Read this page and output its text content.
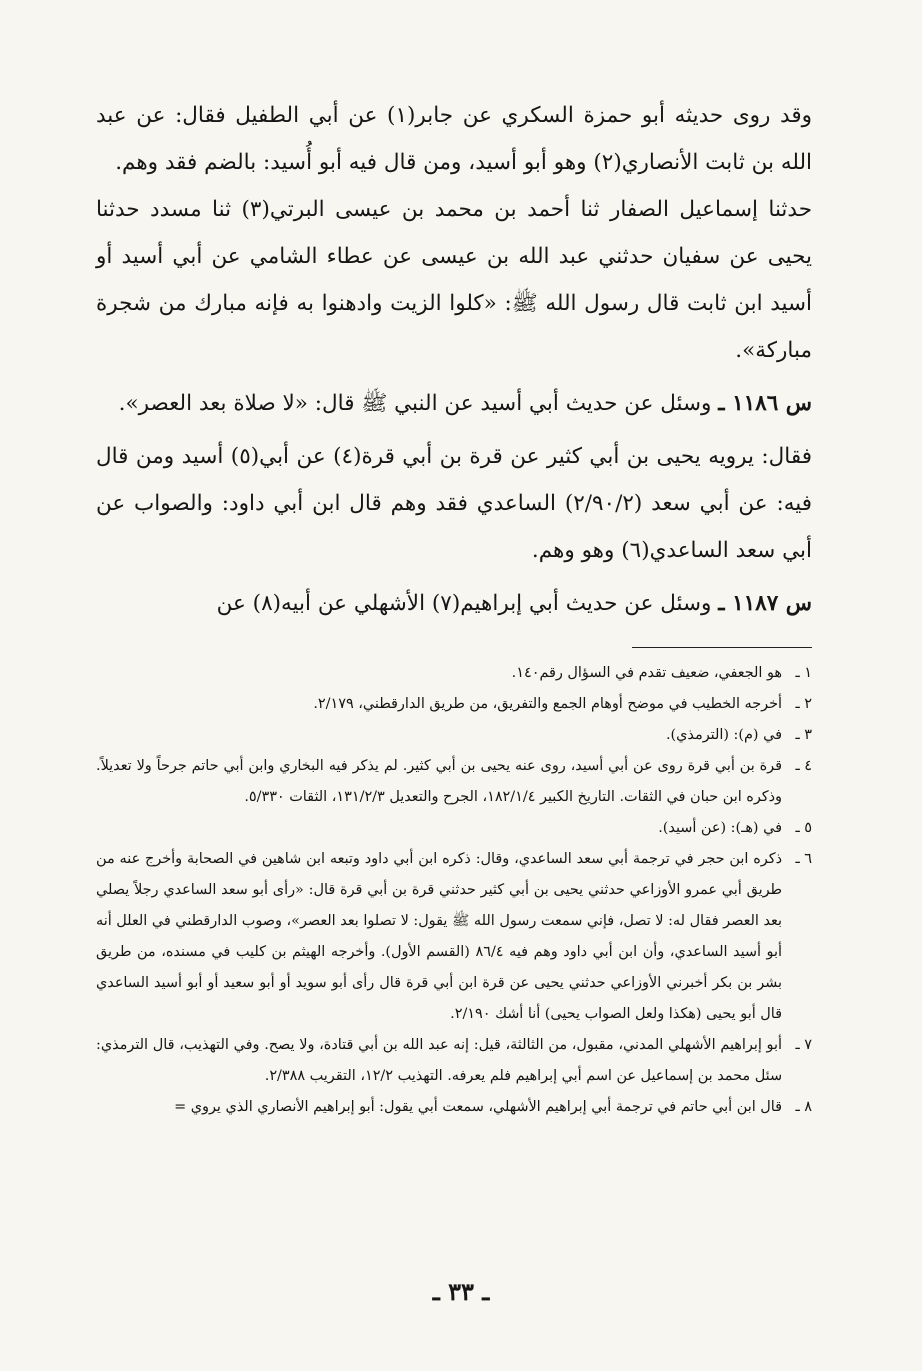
وقد روى حديثه أبو حمزة السكري عن جابر(١) عن أبي الطفيل فقال: عن عبد الله بن ثابت الأنصاري(٢) وهو أبو أسيد، ومن قال فيه أبو أُسيد: بالضم فقد وهم.

حدثنا إسماعيل الصفار ثنا أحمد بن محمد بن عيسى البرتي(٣) ثنا مسدد حدثنا يحيى عن سفيان حدثني عبد الله بن عيسى عن عطاء الشامي عن أبي أسيد أو أسيد ابن ثابت قال رسول الله ﷺ: «كلوا الزيت وادهنوا به فإنه مبارك من شجرة مباركة».

س ١١٨٦ ـ وسئل عن حديث أبي أسيد عن النبي ﷺ قال: «لا صلاة بعد العصر».

فقال: يرويه يحيى بن أبي كثير عن قرة بن أبي قرة(٤) عن أبي(٥) أسيد ومن قال فيه: عن أبي سعد (٢/٩٠/٢) الساعدي فقد وهم قال ابن أبي داود: والصواب عن أبي سعد الساعدي(٦) وهو وهم.

س ١١٨٧ ـ وسئل عن حديث أبي إبراهيم(٧) الأشهلي عن أبيه(٨) عن

١ ـ
هو الجعفي، ضعيف تقدم في السؤال رقم١٤٠.
٢ ـ
أخرجه الخطيب في موضح أوهام الجمع والتفريق، من طريق الدارقطني، ٢/١٧٩.
٣ ـ
في (م): (الترمذي).
٤ ـ
قرة بن أبي قرة روى عن أبي أسيد، روى عنه يحيى بن أبي كثير. لم يذكر فيه البخاري وابن أبي حاتم جرحاً ولا تعديلاً. وذكره ابن حبان في الثقات. التاريخ الكبير ١٨٢/١/٤، الجرح والتعديل ١٣١/٢/٣، الثقات ٥/٣٣٠.
٥ ـ
في (هـ): (عن أسيد).
٦ ـ
ذكره ابن حجر في ترجمة أبي سعد الساعدي، وقال: ذكره ابن أبي داود وتبعه ابن شاهين في الصحابة وأخرج عنه من طريق أبي عمرو الأوزاعي حدثني يحيى بن أبي كثير حدثني قرة بن أبي قرة قال: «رأى أبو سعد الساعدي رجلاً يصلي بعد العصر فقال له: لا تصل، فإني سمعت رسول الله ﷺ يقول: لا تصلوا بعد العصر»، وصوب الدارقطني في العلل أنه أبو أسيد الساعدي، وأن ابن أبي داود وهم فيه ٨٦/٤ (القسم الأول). وأخرجه الهيثم بن كليب في مسنده، من طريق بشر بن بكر أخبرني الأوزاعي حدثني يحيى عن قرة ابن أبي قرة قال رأى أبو سويد أو أبو سعيد أو أبو أسيد الساعدي قال أبو يحيى (هكذا ولعل الصواب يحيى) أنا أشك ٢/١٩٠.
٧ ـ
أبو إبراهيم الأشهلي المدني، مقبول، من الثالثة، قيل: إنه عبد الله بن أبي قتادة، ولا يصح. وفي التهذيب، قال الترمذي: سئل محمد بن إسماعيل عن اسم أبي إبراهيم فلم يعرفه. التهذيب ١٢/٢، التقريب ٢/٣٨٨.
٨ ـ
قال ابن أبي حاتم في ترجمة أبي إبراهيم الأشهلي، سمعت أبي يقول: أبو إبراهيم الأنصاري الذي يروي =
ـ ٣٣ ـ
